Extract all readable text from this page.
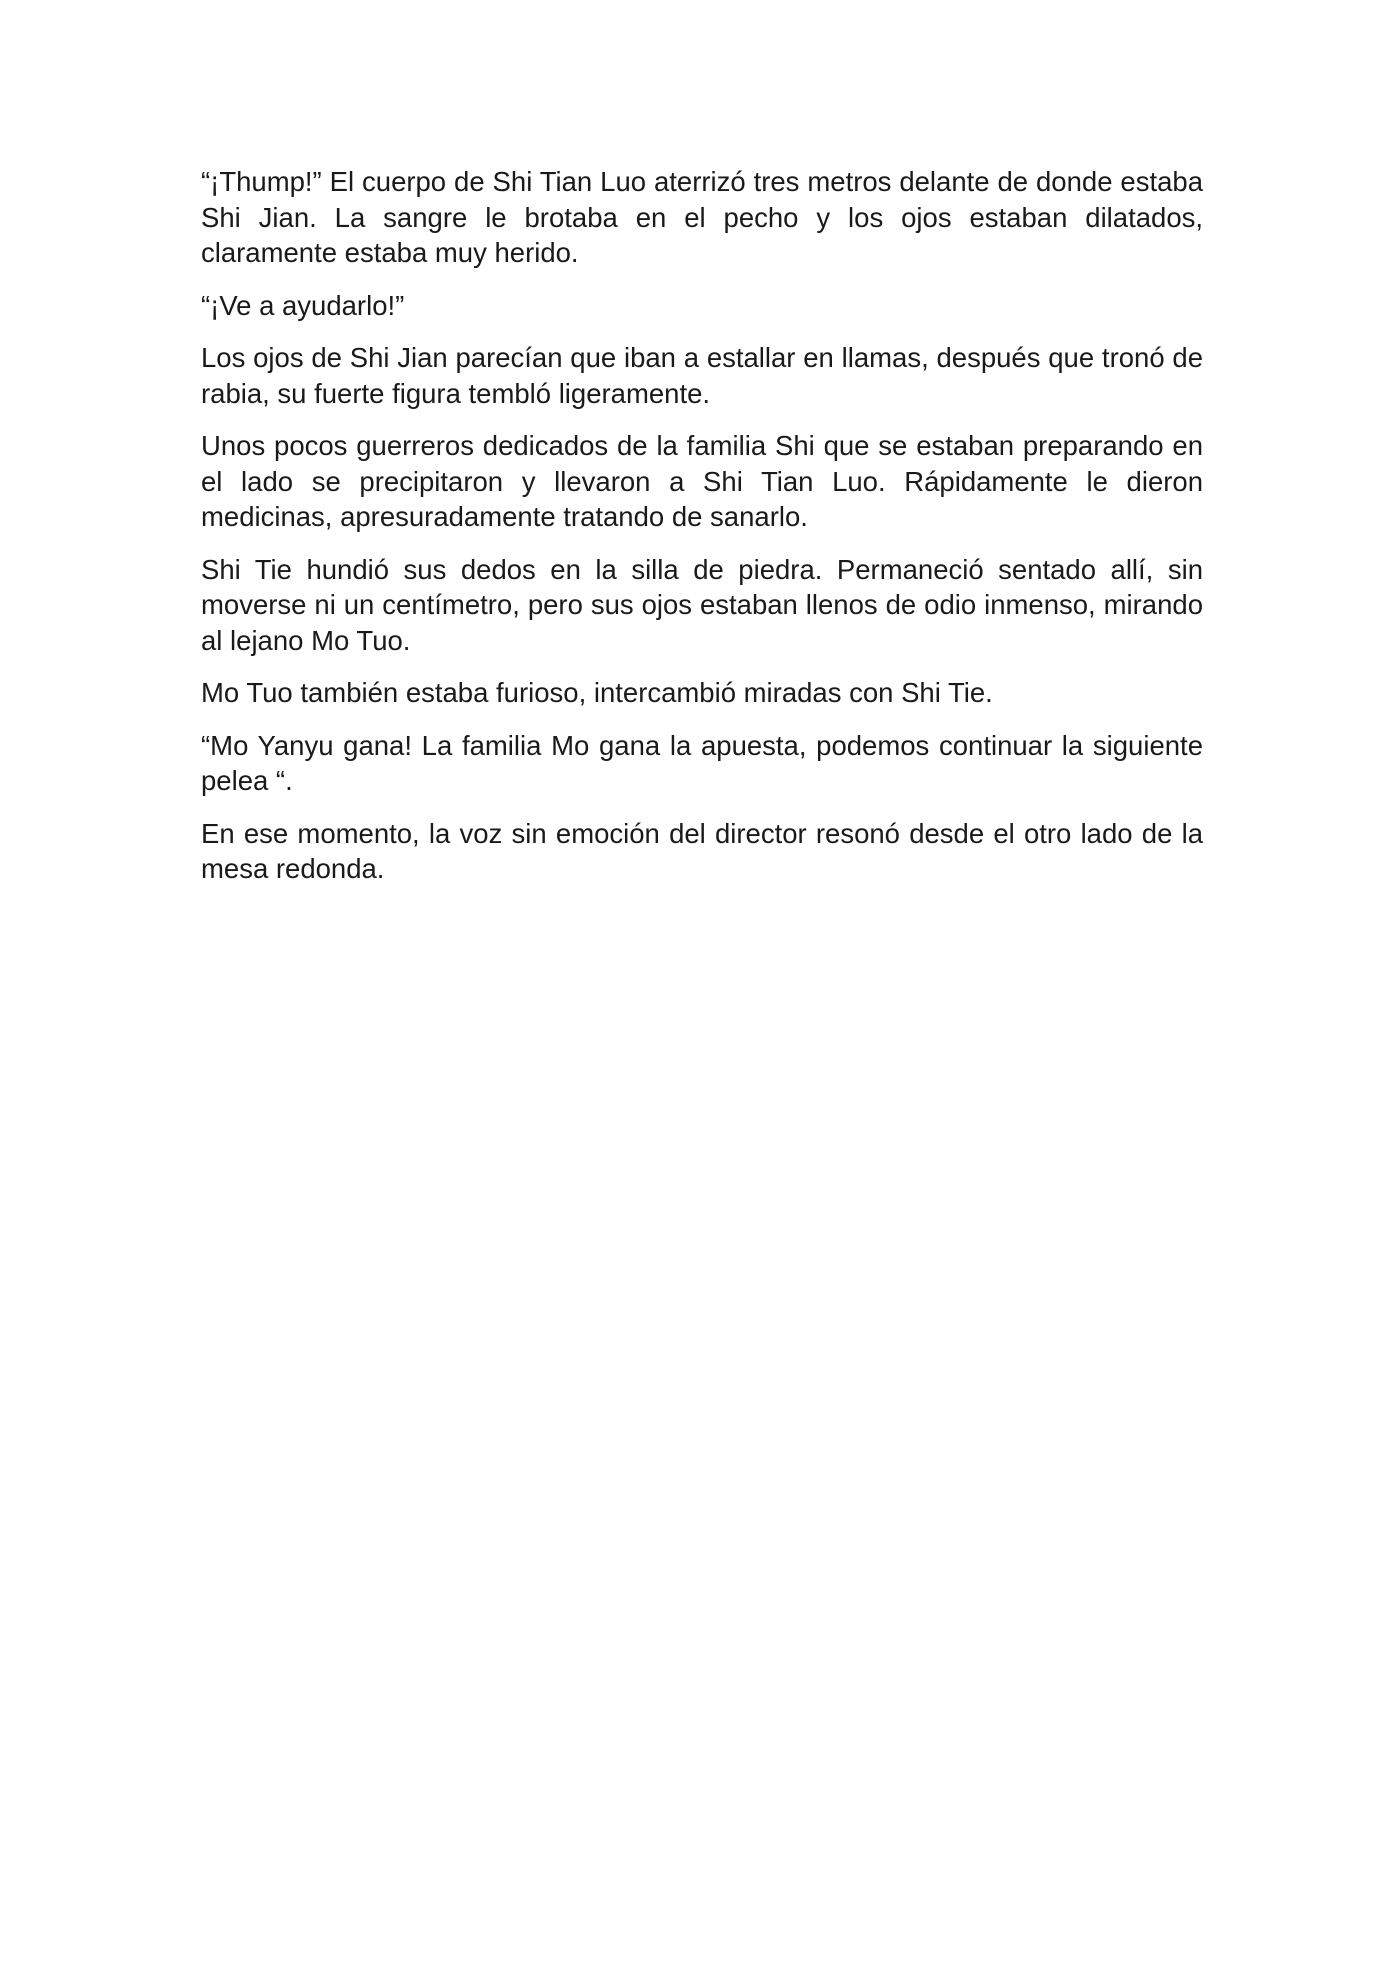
“¡Thump!” El cuerpo de Shi Tian Luo aterrizó tres metros delante de donde estaba Shi Jian. La sangre le brotaba en el pecho y los ojos estaban dilatados, claramente estaba muy herido.

“¡Ve a ayudarlo!”

Los ojos de Shi Jian parecían que iban a estallar en llamas, después que tronó de rabia, su fuerte figura tembló ligeramente.

Unos pocos guerreros dedicados de la familia Shi que se estaban preparando en el lado se precipitaron y llevaron a Shi Tian Luo. Rápidamente le dieron medicinas, apresuradamente tratando de sanarlo.

Shi Tie hundió sus dedos en la silla de piedra. Permaneció sentado allí, sin moverse ni un centímetro, pero sus ojos estaban llenos de odio inmenso, mirando al lejano Mo Tuo.

Mo Tuo también estaba furioso, intercambió miradas con Shi Tie.

“Mo Yanyu gana! La familia Mo gana la apuesta, podemos continuar la siguiente pelea “.

En ese momento, la voz sin emoción del director resonó desde el otro lado de la mesa redonda.
